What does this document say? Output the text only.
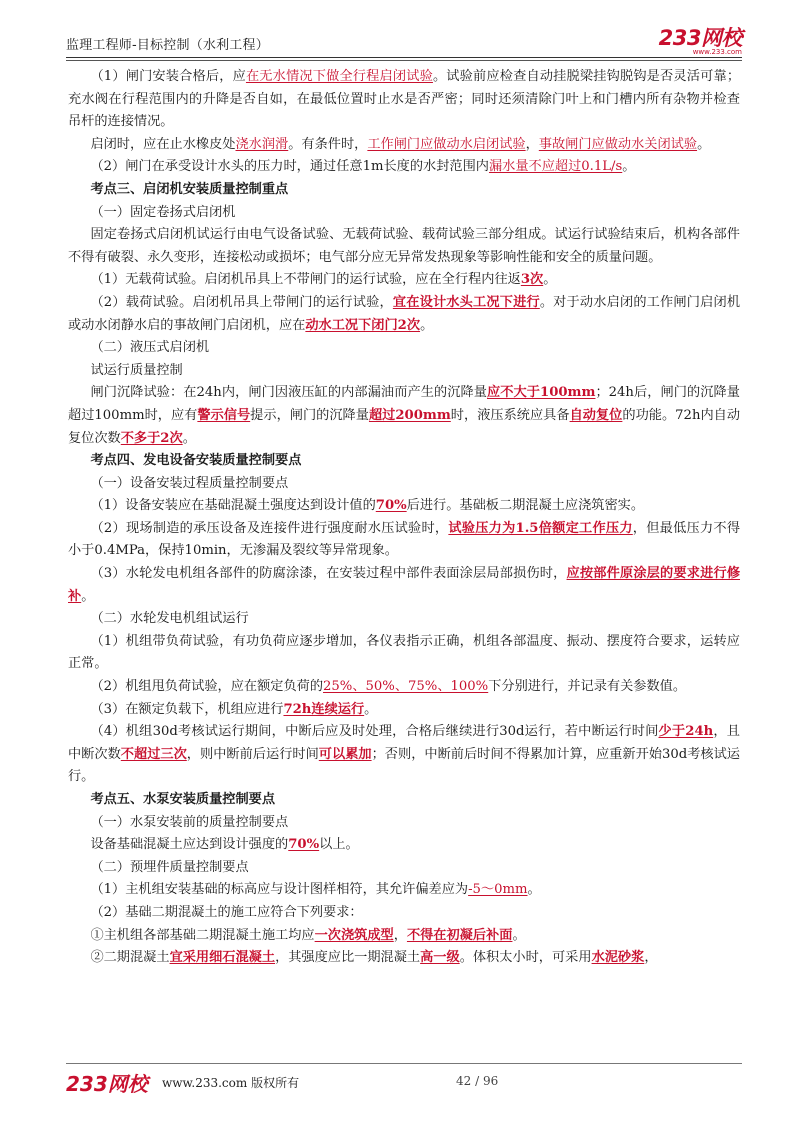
监理工程师-目标控制（水利工程）	233网校
www.233.com

（1）闸门安装合格后，应在无水情况下做全行程启闭试验。试验前应检查自动挂脱梁挂钩脱钩是否灵活可靠；充水阀在行程范围内的升降是否自如，在最低位置时止水是否严密；同时还须清除门叶上和门槽内所有杂物并检查吊杆的连接情况。

启闭时，应在止水橡皮处浇水润滑。有条件时，工作闸门应做动水启闭试验，事故闸门应做动水关闭试验。

（2）闸门在承受设计水头的压力时，通过任意1m长度的水封范围内漏水量不应超过0.1L/s。

考点三、启闭机安装质量控制重点

（一）固定卷扬式启闭机

固定卷扬式启闭机试运行由电气设备试验、无载荷试验、载荷试验三部分组成。试运行试验结束后，机构各部件不得有破裂、永久变形，连接松动或损坏；电气部分应无异常发热现象等影响性能和安全的质量问题。

（1）无载荷试验。启闭机吊具上不带闸门的运行试验，应在全行程内往返3次。

（2）载荷试验。启闭机吊具上带闸门的运行试验，宜在设计水头工况下进行。对于动水启闭的工作闸门启闭机或动水闭静水启的事故闸门启闭机，应在动水工况下闭门2次。

（二）液压式启闭机

试运行质量控制

闸门沉降试验：在24h内，闸门因液压缸的内部漏油而产生的沉降量应不大于100mm；24h后，闸门的沉降量超过100mm时，应有警示信号提示，闸门的沉降量超过200mm时，液压系统应具备自动复位的功能。72h内自动复位次数不多于2次。

考点四、发电设备安装质量控制要点

（一）设备安装过程质量控制要点

（1）设备安装应在基础混凝土强度达到设计值的70%后进行。基础板二期混凝土应浇筑密实。

（2）现场制造的承压设备及连接件进行强度耐水压试验时，试验压力为1.5倍额定工作压力，但最低压力不得小于0.4MPa，保持10min，无渗漏及裂纹等异常现象。

（3）水轮发电机组各部件的防腐涂漆，在安装过程中部件表面涂层局部损伤时，应按部件原涂层的要求进行修补。

（二）水轮发电机组试运行

（1）机组带负荷试验，有功负荷应逐步增加，各仪表指示正确，机组各部温度、振动、摆度符合要求，运转应正常。

（2）机组甩负荷试验，应在额定负荷的25%、50%、75%、100%下分别进行，并记录有关参数值。

（3）在额定负载下，机组应进行72h连续运行。

（4）机组30d考核试运行期间，中断后应及时处理，合格后继续进行30d运行，若中断运行时间少于24h，且中断次数不超过三次，则中断前后运行时间可以累加；否则，中断前后时间不得累加计算，应重新开始30d考核试运行。

考点五、水泵安装质量控制要点

（一）水泵安装前的质量控制要点

设备基础混凝土应达到设计强度的70%以上。

（二）预埋件质量控制要点

（1）主机组安装基础的标高应与设计图样相符，其允许偏差应为-5～0mm。

（2）基础二期混凝土的施工应符合下列要求：

①主机组各部基础二期混凝土施工均应一次浇筑成型，不得在初凝后补面。

②二期混凝土宜采用细石混凝土，其强度应比一期混凝土高一级。体积太小时，可采用水泥砂浆，

233网校 www.233.com 版权所有	42 / 96
